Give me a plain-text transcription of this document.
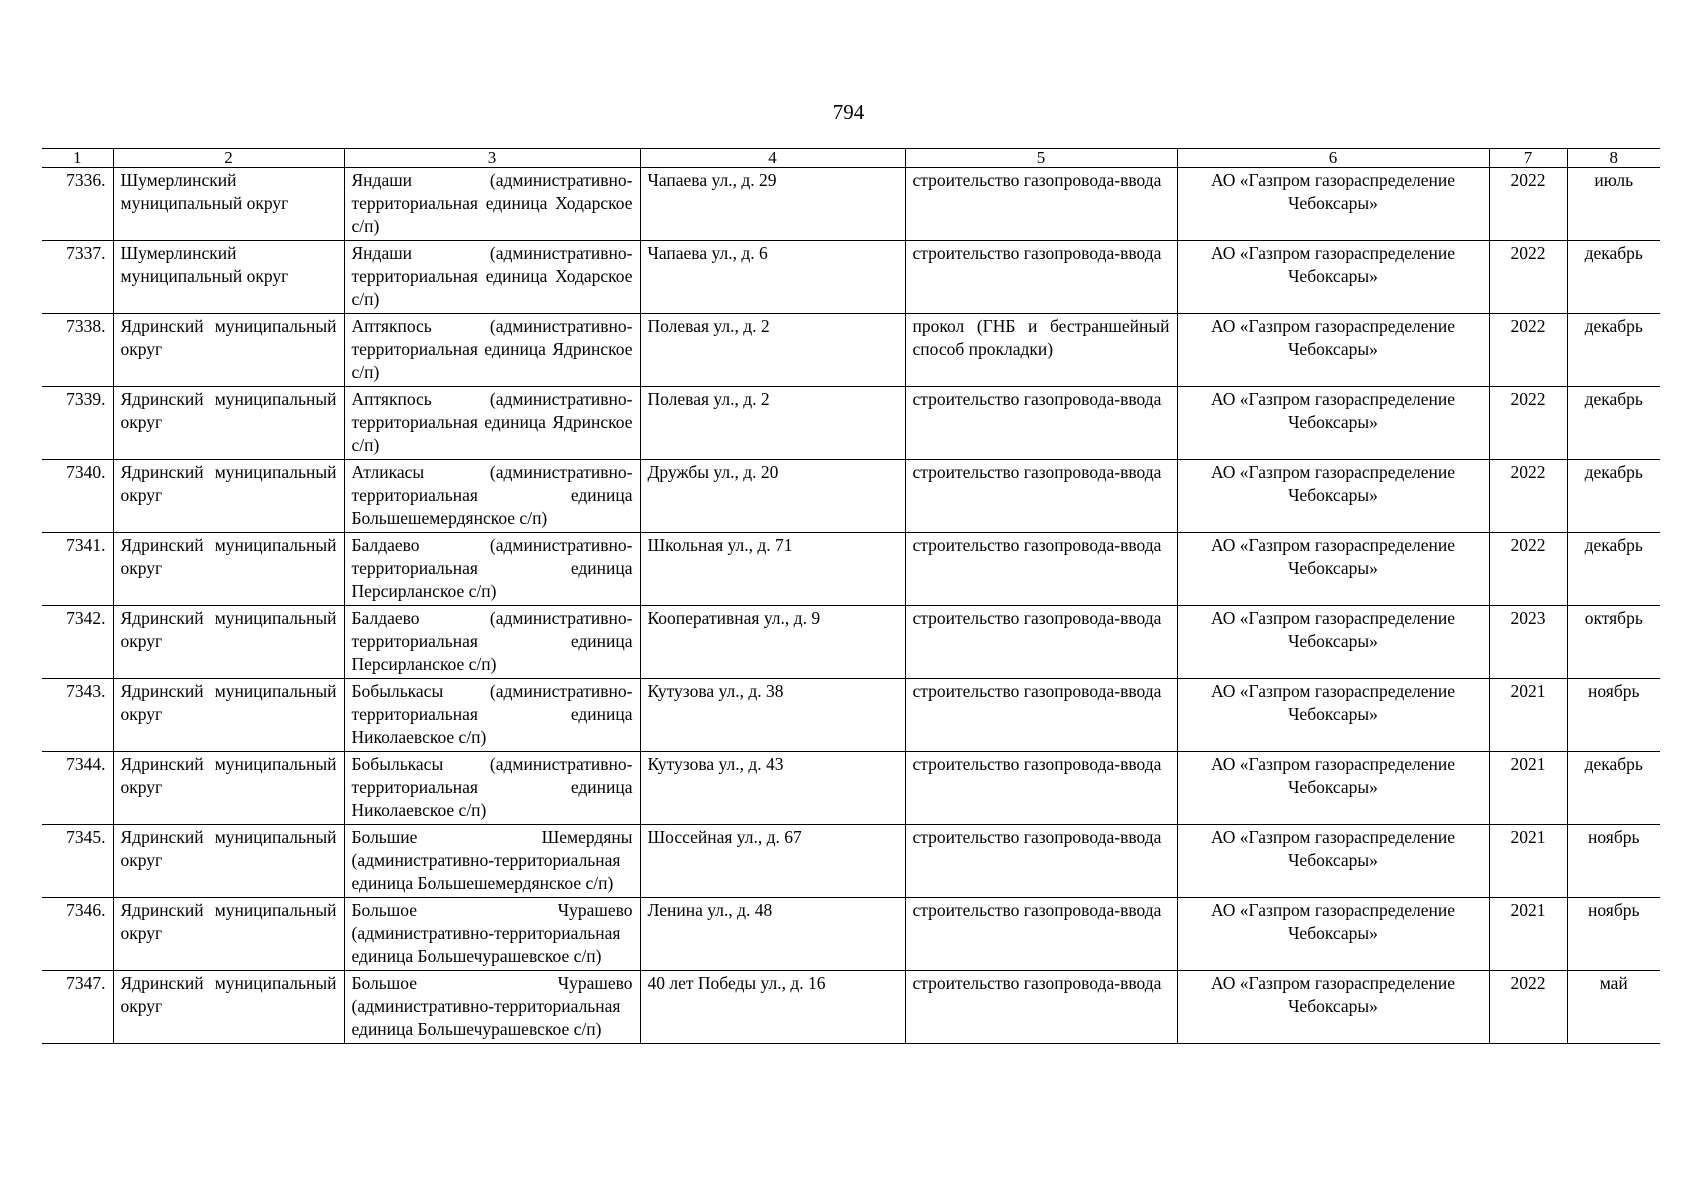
794
1	2	3	4	5	6	7	8
7336.	Шумерлинский муниципальный округ	Яндаши (административно-территориальная единица Ходарское с/п)	Чапаева ул., д. 29	строительство газопровода-ввода	АО «Газпром газораспределение Чебоксары»	2022	июль
7337.	Шумерлинский муниципальный округ	Яндаши (административно-территориальная единица Ходарское с/п)	Чапаева ул., д. 6	строительство газопровода-ввода	АО «Газпром газораспределение Чебоксары»	2022	декабрь
7338.	Ядринский муниципальный округ	Аптякпось (административно-территориальная единица Ядринское с/п)	Полевая ул., д. 2	прокол (ГНБ и бестраншейный способ прокладки)	АО «Газпром газораспределение Чебоксары»	2022	декабрь
7339.	Ядринский муниципальный округ	Аптякпось (административно-территориальная единица Ядринское с/п)	Полевая ул., д. 2	строительство газопровода-ввода	АО «Газпром газораспределение Чебоксары»	2022	декабрь
7340.	Ядринский муниципальный округ	Атликасы (административно-территориальная единица Большешемердянское с/п)	Дружбы ул., д. 20	строительство газопровода-ввода	АО «Газпром газораспределение Чебоксары»	2022	декабрь
7341.	Ядринский муниципальный округ	Балдаево (административно-территориальная единица Персирланское с/п)	Школьная ул., д. 71	строительство газопровода-ввода	АО «Газпром газораспределение Чебоксары»	2022	декабрь
7342.	Ядринский муниципальный округ	Балдаево (административно-территориальная единица Персирланское с/п)	Кооперативная ул., д. 9	строительство газопровода-ввода	АО «Газпром газораспределение Чебоксары»	2023	октябрь
7343.	Ядринский муниципальный округ	Бобылькасы (административно-территориальная единица Николаевское с/п)	Кутузова ул., д. 38	строительство газопровода-ввода	АО «Газпром газораспределение Чебоксары»	2021	ноябрь
7344.	Ядринский муниципальный округ	Бобылькасы (административно-территориальная единица Николаевское с/п)	Кутузова ул., д. 43	строительство газопровода-ввода	АО «Газпром газораспределение Чебоксары»	2021	декабрь
7345.	Ядринский муниципальный округ	Большие Шемердяны (административно-территориальная единица Большешемердянское с/п)	Шоссейная ул., д. 67	строительство газопровода-ввода	АО «Газпром газораспределение Чебоксары»	2021	ноябрь
7346.	Ядринский муниципальный округ	Большое Чурашево (административно-территориальная единица Большечурашевское с/п)	Ленина ул., д. 48	строительство газопровода-ввода	АО «Газпром газораспределение Чебоксары»	2021	ноябрь
7347.	Ядринский муниципальный округ	Большое Чурашево (административно-территориальная единица Большечурашевское с/п)	40 лет Победы ул., д. 16	строительство газопровода-ввода	АО «Газпром газораспределение Чебоксары»	2022	май
